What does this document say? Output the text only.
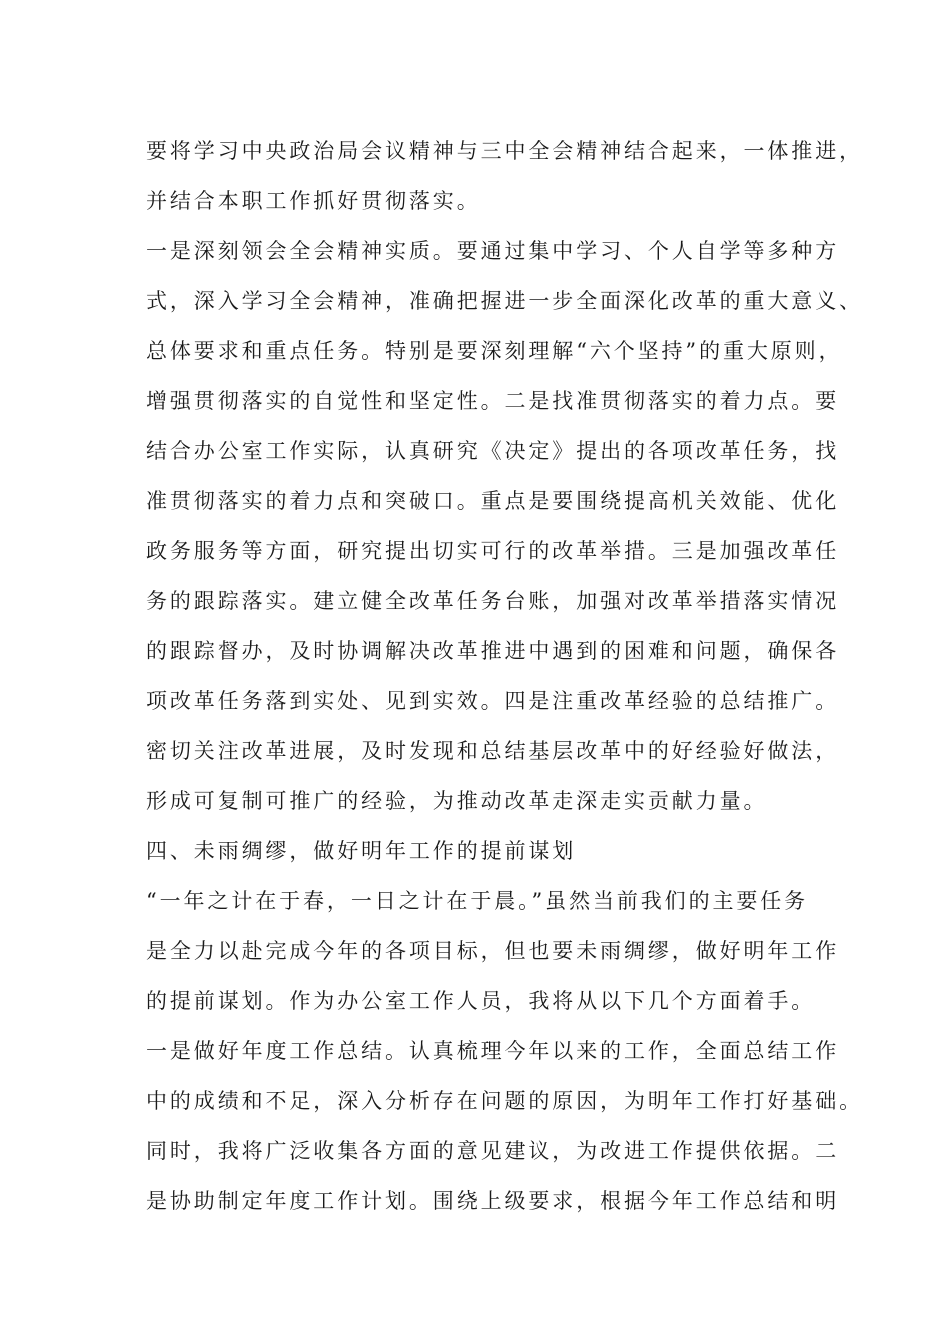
要将学习中央政治局会议精神与三中全会精神结合起来，一体推进，
并结合本职工作抓好贯彻落实。
一是深刻领会全会精神实质。要通过集中学习、个人自学等多种方
式，深入学习全会精神，准确把握进一步全面深化改革的重大意义、
总体要求和重点任务。特别是要深刻理解“六个坚持”的重大原则，
增强贯彻落实的自觉性和坚定性。二是找准贯彻落实的着力点。要
结合办公室工作实际，认真研究《决定》提出的各项改革任务，找
准贯彻落实的着力点和突破口。重点是要围绕提高机关效能、优化
政务服务等方面，研究提出切实可行的改革举措。三是加强改革任
务的跟踪落实。建立健全改革任务台账，加强对改革举措落实情况
的跟踪督办，及时协调解决改革推进中遇到的困难和问题，确保各
项改革任务落到实处、见到实效。四是注重改革经验的总结推广。
密切关注改革进展，及时发现和总结基层改革中的好经验好做法，
形成可复制可推广的经验，为推动改革走深走实贡献力量。
四、未雨绸缪，做好明年工作的提前谋划
“一年之计在于春，一日之计在于晨。”虽然当前我们的主要任务
是全力以赴完成今年的各项目标，但也要未雨绸缪，做好明年工作
的提前谋划。作为办公室工作人员，我将从以下几个方面着手。
一是做好年度工作总结。认真梳理今年以来的工作，全面总结工作
中的成绩和不足，深入分析存在问题的原因，为明年工作打好基础。
同时，我将广泛收集各方面的意见建议，为改进工作提供依据。二
是协助制定年度工作计划。围绕上级要求，根据今年工作总结和明
